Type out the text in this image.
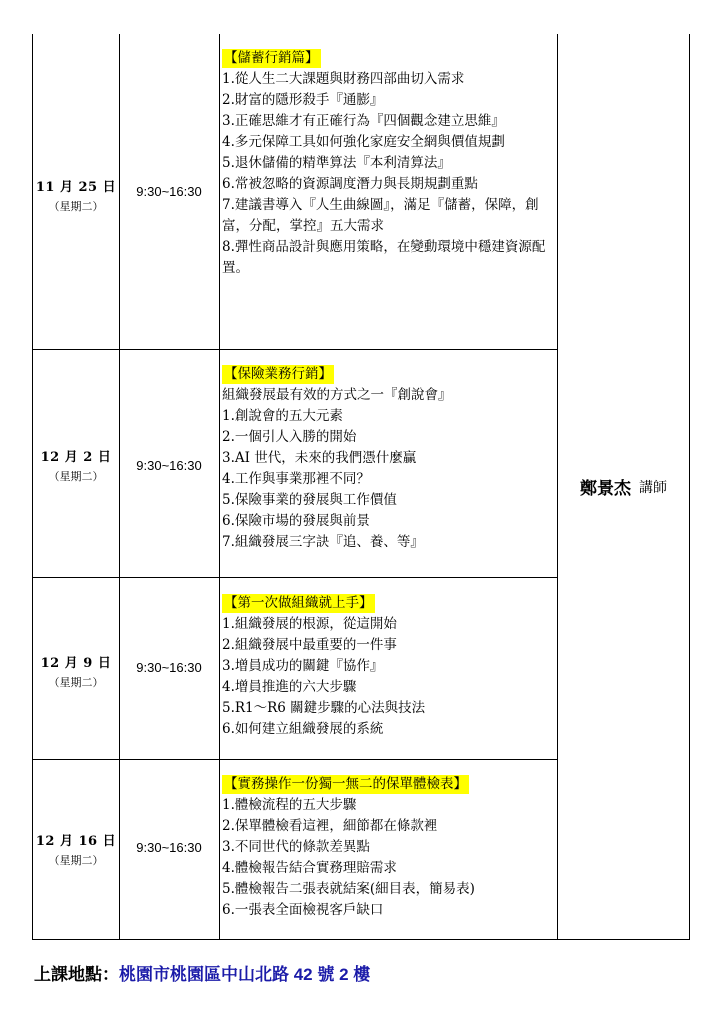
11 月 25 日
（星期二）
9:30~16:30
【儲蓄行銷篇】
1.從人生二大課題與財務四部曲切入需求
2.財富的隱形殺手『通膨』
3.正確思維才有正確行為『四個觀念建立思維』
4.多元保障工具如何強化家庭安全網與價值規劃
5.退休儲備的精準算法『本利清算法』
6.常被忽略的資源調度潛力與長期規劃重點
7.建議書導入『人生曲線圖』，滿足『儲蓄，保障，創富，分配，掌控』五大需求
8.彈性商品設計與應用策略，在變動環境中穩建資源配置。
12 月 2 日
（星期二）
9:30~16:30
【保險業務行銷】
組織發展最有效的方式之一『創說會』
1.創說會的五大元素
2.一個引人入勝的開始
3.AI 世代，未來的我們憑什麼贏
4.工作與事業那裡不同？
5.保險事業的發展與工作價值
6.保險市場的發展與前景
7.組織發展三字訣『追、養、等』
12 月 9 日
（星期二）
9:30~16:30
【第一次做組織就上手】
1.組織發展的根源，從這開始
2.組織發展中最重要的一件事
3.增員成功的關鍵『協作』
4.增員推進的六大步驟
5.R1～R6 關鍵步驟的心法與技法
6.如何建立組織發展的系統
12 月 16 日
（星期二）
9:30~16:30
【實務操作一份獨一無二的保單體檢表】
1.體檢流程的五大步驟
2.保單體檢看這裡，細節都在條款裡
3.不同世代的條款差異點
4.體檢報告結合實務理賠需求
5.體檢報告二張表就結案(細目表，簡易表)
6.一張表全面檢視客戶缺口
鄭景杰 講師
上課地點：桃園市桃園區中山北路 42 號 2 樓
